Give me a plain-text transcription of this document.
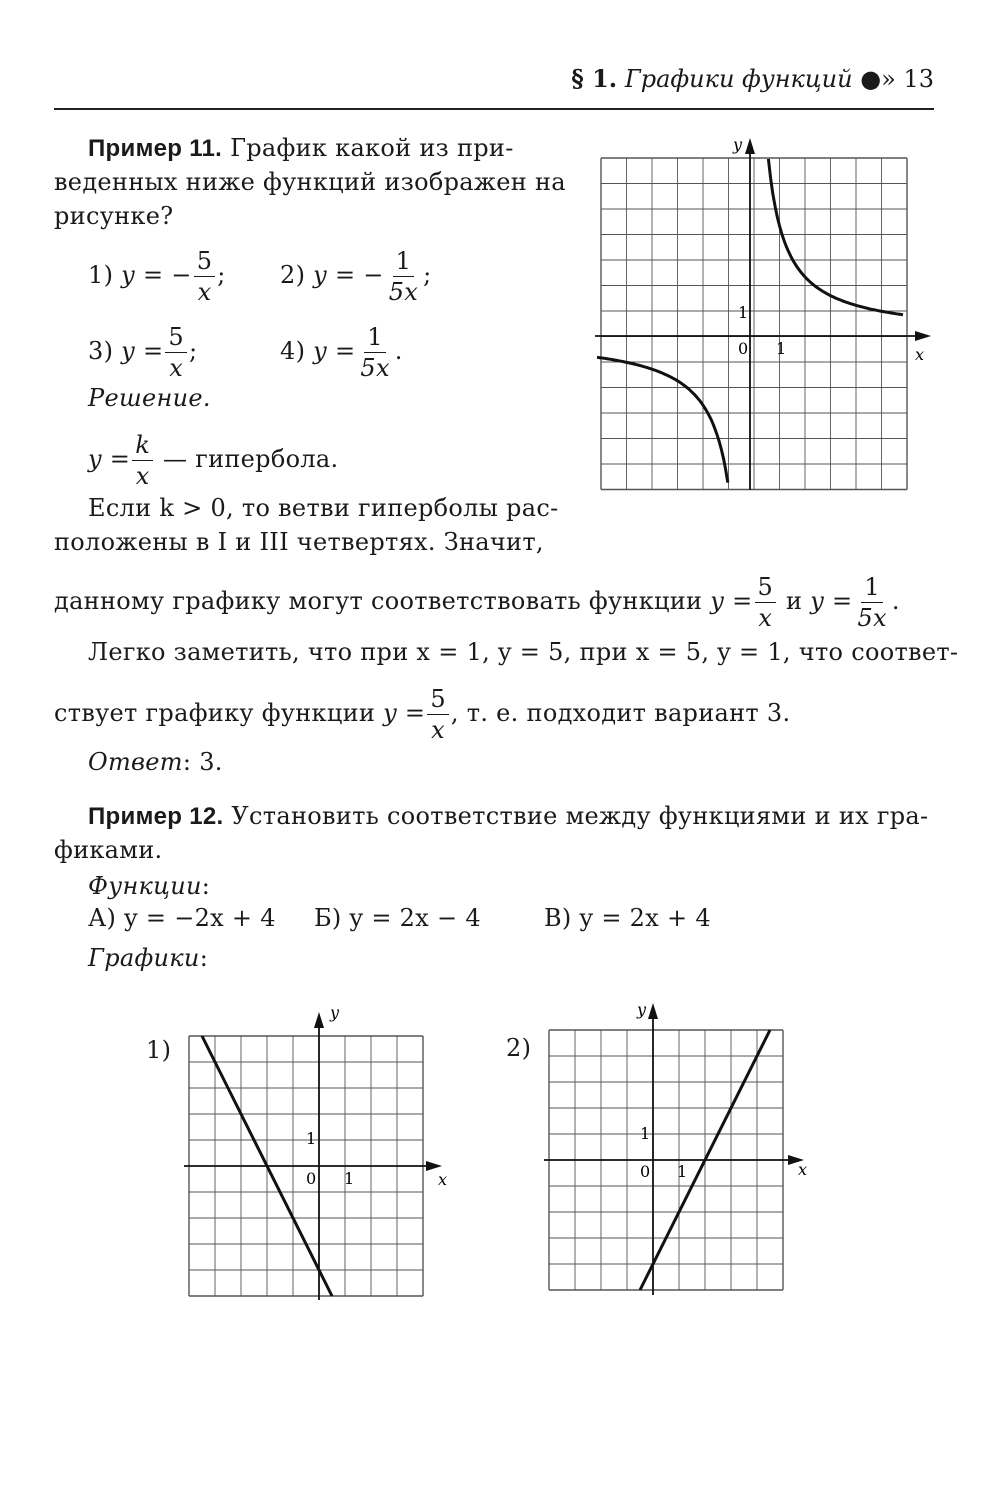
§ 1. Графики функций ●» 13
Пример 11. График какой из при-
веденных ниже функций изображен на
рисунке?
1) y = − $\frac{5}{x}$ ; 2) y = − $\frac{1}{5x}$ ;
3) $y = \frac{5}{x}$ ;	4) $y = \frac{1}{5x}$ .
Решение.
$y = \frac{k}{x}$ — гипербола.
Если k > 0, то ветви гиперболы рас-
положены в I и III четвертях. Значит,
данному графику могут соответствовать функции $y = \frac{5}{x}$ и $y = \frac{1}{5x}$ .
Легко заметить, что при x = 1, y = 5, при x = 5, y = 1, что соответ-
ствует графику функции $y = \frac{5}{x}$ , т. е. подходит вариант 3.
Ответ: 3.
y
x
0 1
1
Пример 12. Установить соответствие между функциями и их гра-
фиками.
Функции:
А) y = −2x + 4 Б) y = 2x − 4	В) y = 2x + 4
Графики:
1)	2)
y
x
0 1
1
y
x
0 1
1
